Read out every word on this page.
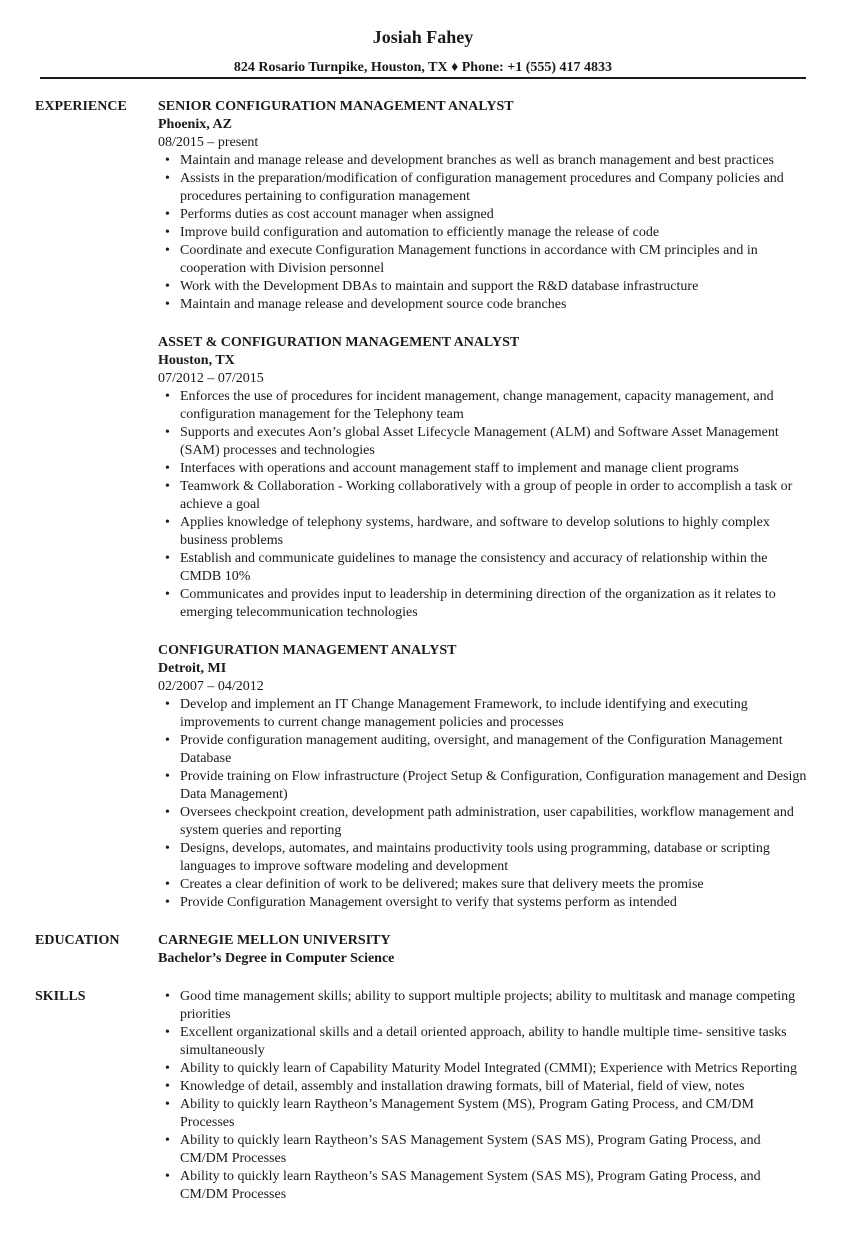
Josiah Fahey
824 Rosario Turnpike, Houston, TX ♦ Phone: +1 (555) 417 4833
EXPERIENCE	SENIOR CONFIGURATION MANAGEMENT ANALYST
Phoenix, AZ
08/2015 – present
• Maintain and manage release and development branches as well as branch management and best practices
• Assists in the preparation/modification of configuration management procedures and Company policies and procedures pertaining to configuration management
• Performs duties as cost account manager when assigned
• Improve build configuration and automation to efficiently manage the release of code
• Coordinate and execute Configuration Management functions in accordance with CM principles and in cooperation with Division personnel
• Work with the Development DBAs to maintain and support the R&D database infrastructure
• Maintain and manage release and development source code branches
ASSET & CONFIGURATION MANAGEMENT ANALYST
Houston, TX
07/2012 – 07/2015
• Enforces the use of procedures for incident management, change management, capacity management, and configuration management for the Telephony team
• Supports and executes Aon’s global Asset Lifecycle Management (ALM) and Software Asset Management (SAM) processes and technologies
• Interfaces with operations and account management staff to implement and manage client programs
• Teamwork & Collaboration - Working collaboratively with a group of people in order to accomplish a task or achieve a goal
• Applies knowledge of telephony systems, hardware, and software to develop solutions to highly complex business problems
• Establish and communicate guidelines to manage the consistency and accuracy of relationship within the CMDB 10%
• Communicates and provides input to leadership in determining direction of the organization as it relates to emerging telecommunication technologies
CONFIGURATION MANAGEMENT ANALYST
Detroit, MI
02/2007 – 04/2012
• Develop and implement an IT Change Management Framework, to include identifying and executing improvements to current change management policies and processes
• Provide configuration management auditing, oversight, and management of the Configuration Management Database
• Provide training on Flow infrastructure (Project Setup & Configuration, Configuration management and Design Data Management)
• Oversees checkpoint creation, development path administration, user capabilities, workflow management and system queries and reporting
• Designs, develops, automates, and maintains productivity tools using programming, database or scripting languages to improve software modeling and development
• Creates a clear definition of work to be delivered; makes sure that delivery meets the promise
• Provide Configuration Management oversight to verify that systems perform as intended
EDUCATION	CARNEGIE MELLON UNIVERSITY
Bachelor’s Degree in Computer Science
SKILLS
•	Good time management skills; ability to support multiple projects; ability to multitask and manage competing priorities
• Excellent organizational skills and a detail oriented approach, ability to handle multiple time- sensitive tasks simultaneously
• Ability to quickly learn of Capability Maturity Model Integrated (CMMI); Experience with Metrics Reporting
• Knowledge of detail, assembly and installation drawing formats, bill of Material, field of view, notes
• Ability to quickly learn Raytheon’s Management System (MS), Program Gating Process, and CM/DM Processes
• Ability to quickly learn Raytheon’s SAS Management System (SAS MS), Program Gating Process, and CM/DM Processes
• Ability to quickly learn Raytheon’s SAS Management System (SAS MS), Program Gating Process, and CM/DM Processes
